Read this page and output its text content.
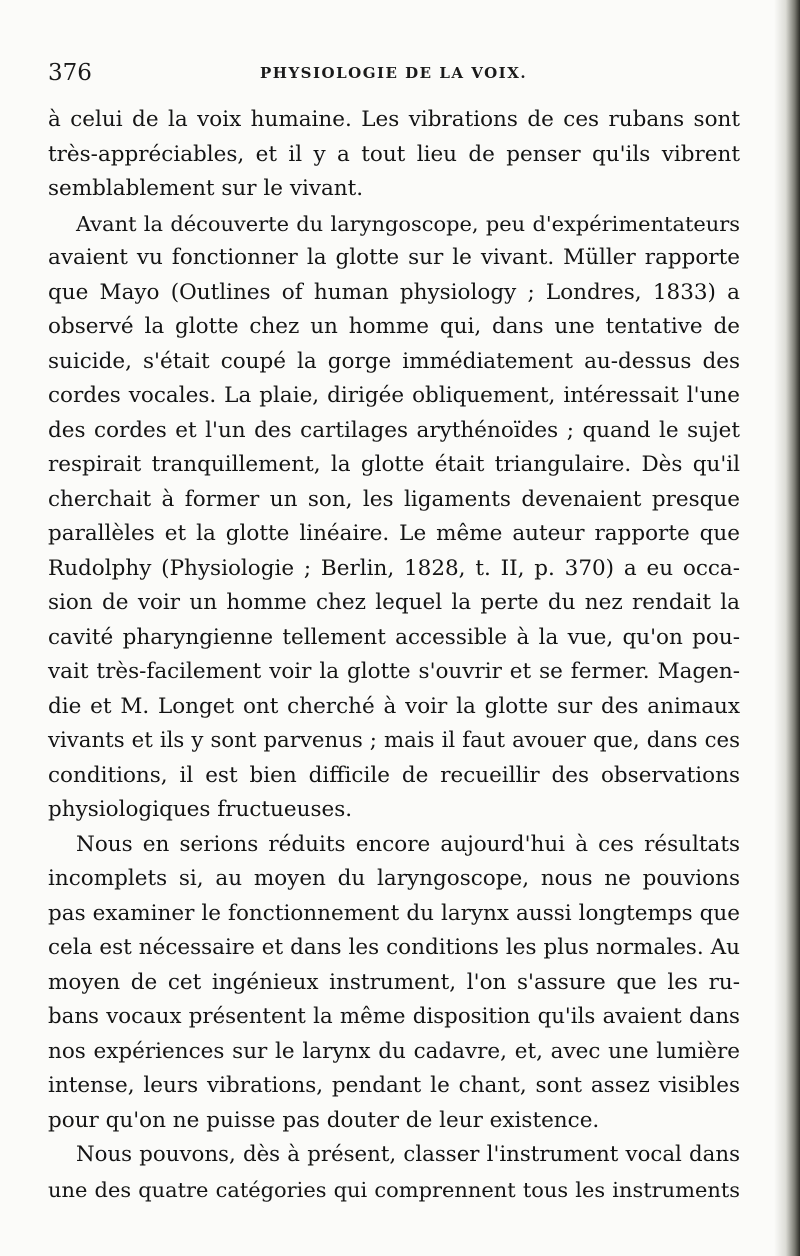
376	PHYSIOLOGIE DE LA VOIX.
à celui de la voix humaine. Les vibrations de ces rubans sont
très-appréciables, et il y a tout lieu de penser qu'ils vibrent
semblablement sur le vivant.
Avant la découverte du laryngoscope, peu d'expérimentateurs
avaient vu fonctionner la glotte sur le vivant. Müller rapporte
que Mayo (Outlines of human physiology ; Londres, 1833) a
observé la glotte chez un homme qui, dans une tentative de
suicide, s'était coupé la gorge immédiatement au-dessus des
cordes vocales. La plaie, dirigée obliquement, intéressait l'une
des cordes et l'un des cartilages arythénoïdes ; quand le sujet
respirait tranquillement, la glotte était triangulaire. Dès qu'il
cherchait à former un son, les ligaments devenaient presque
parallèles et la glotte linéaire. Le même auteur rapporte que
Rudolphy (Physiologie ; Berlin, 1828, t. II, p. 370) a eu occa-
sion de voir un homme chez lequel la perte du nez rendait la
cavité pharyngienne tellement accessible à la vue, qu'on pou-
vait très-facilement voir la glotte s'ouvrir et se fermer. Magen-
die et M. Longet ont cherché à voir la glotte sur des animaux
vivants et ils y sont parvenus ; mais il faut avouer que, dans ces
conditions, il est bien difficile de recueillir des observations
physiologiques fructueuses.
Nous en serions réduits encore aujourd'hui à ces résultats
incomplets si, au moyen du laryngoscope, nous ne pouvions
pas examiner le fonctionnement du larynx aussi longtemps que
cela est nécessaire et dans les conditions les plus normales. Au
moyen de cet ingénieux instrument, l'on s'assure que les ru-
bans vocaux présentent la même disposition qu'ils avaient dans
nos expériences sur le larynx du cadavre, et, avec une lumière
intense, leurs vibrations, pendant le chant, sont assez visibles
pour qu'on ne puisse pas douter de leur existence.
Nous pouvons, dès à présent, classer l'instrument vocal dans
une des quatre catégories qui comprennent tous les instruments
